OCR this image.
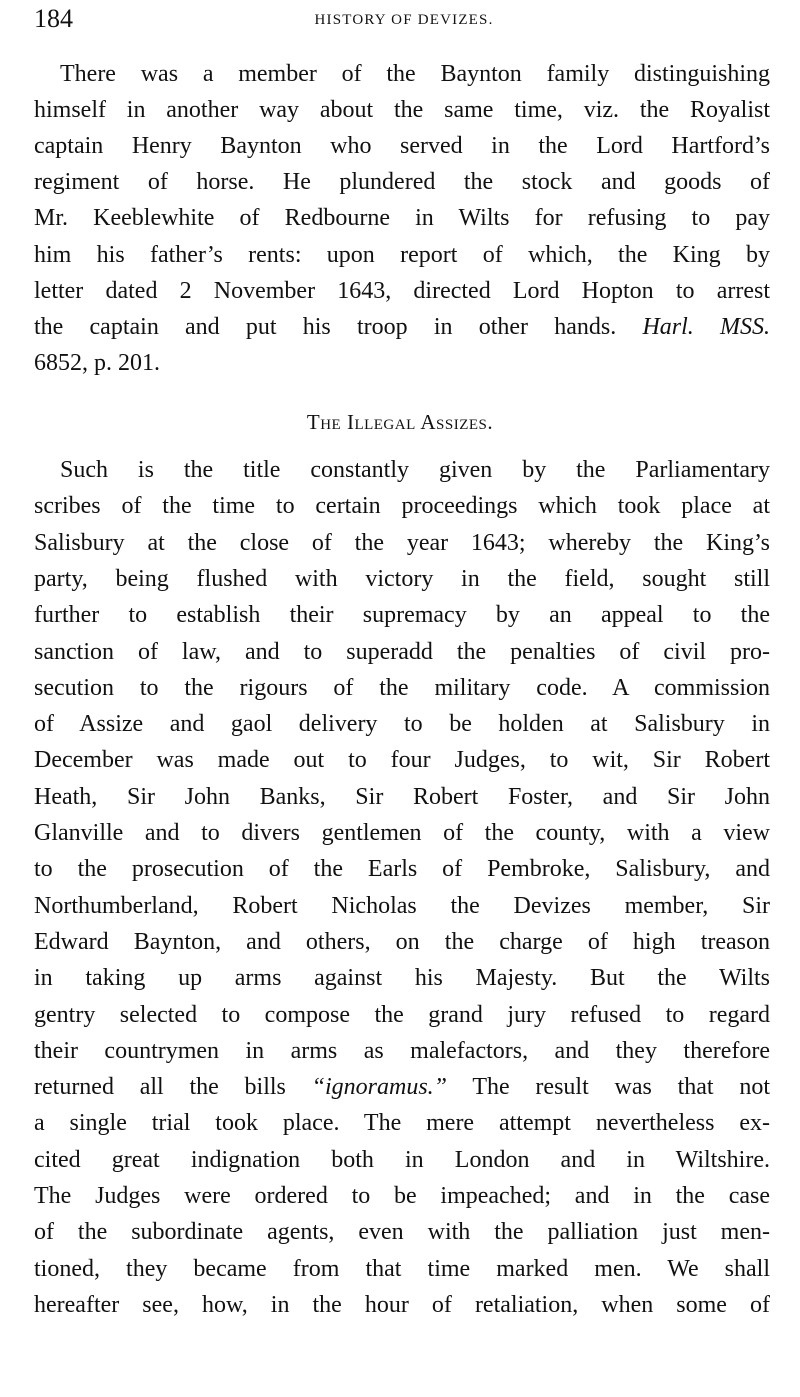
184	HISTORY OF DEVIZES.
There was a member of the Baynton family distinguishing
himself in another way about the same time, viz. the Royalist
captain Henry Baynton who served in the Lord Hartford’s
regiment of horse. He plundered the stock and goods of
Mr. Keeblewhite of Redbourne in Wilts for refusing to pay
him his father’s rents: upon report of which, the King by
letter dated 2 November 1643, directed Lord Hopton to arrest
the captain and put his troop in other hands. Harl. MSS.
6852, p. 201.
The Illegal Assizes.
Such is the title constantly given by the Parliamentary
scribes of the time to certain proceedings which took place at
Salisbury at the close of the year 1643; whereby the King’s
party, being flushed with victory in the field, sought still
further to establish their supremacy by an appeal to the
sanction of law, and to superadd the penalties of civil pro-
secution to the rigours of the military code. A commission
of Assize and gaol delivery to be holden at Salisbury in
December was made out to four Judges, to wit, Sir Robert
Heath, Sir John Banks, Sir Robert Foster, and Sir John
Glanville and to divers gentlemen of the county, with a view
to the prosecution of the Earls of Pembroke, Salisbury, and
Northumberland, Robert Nicholas the Devizes member, Sir
Edward Baynton, and others, on the charge of high treason
in taking up arms against his Majesty. But the Wilts
gentry selected to compose the grand jury refused to regard
their countrymen in arms as malefactors, and they therefore
returned all the bills “ignoramus.” The result was that not
a single trial took place. The mere attempt nevertheless ex-
cited great indignation both in London and in Wiltshire.
The Judges were ordered to be impeached; and in the case
of the subordinate agents, even with the palliation just men-
tioned, they became from that time marked men. We shall
hereafter see, how, in the hour of retaliation, when some of
